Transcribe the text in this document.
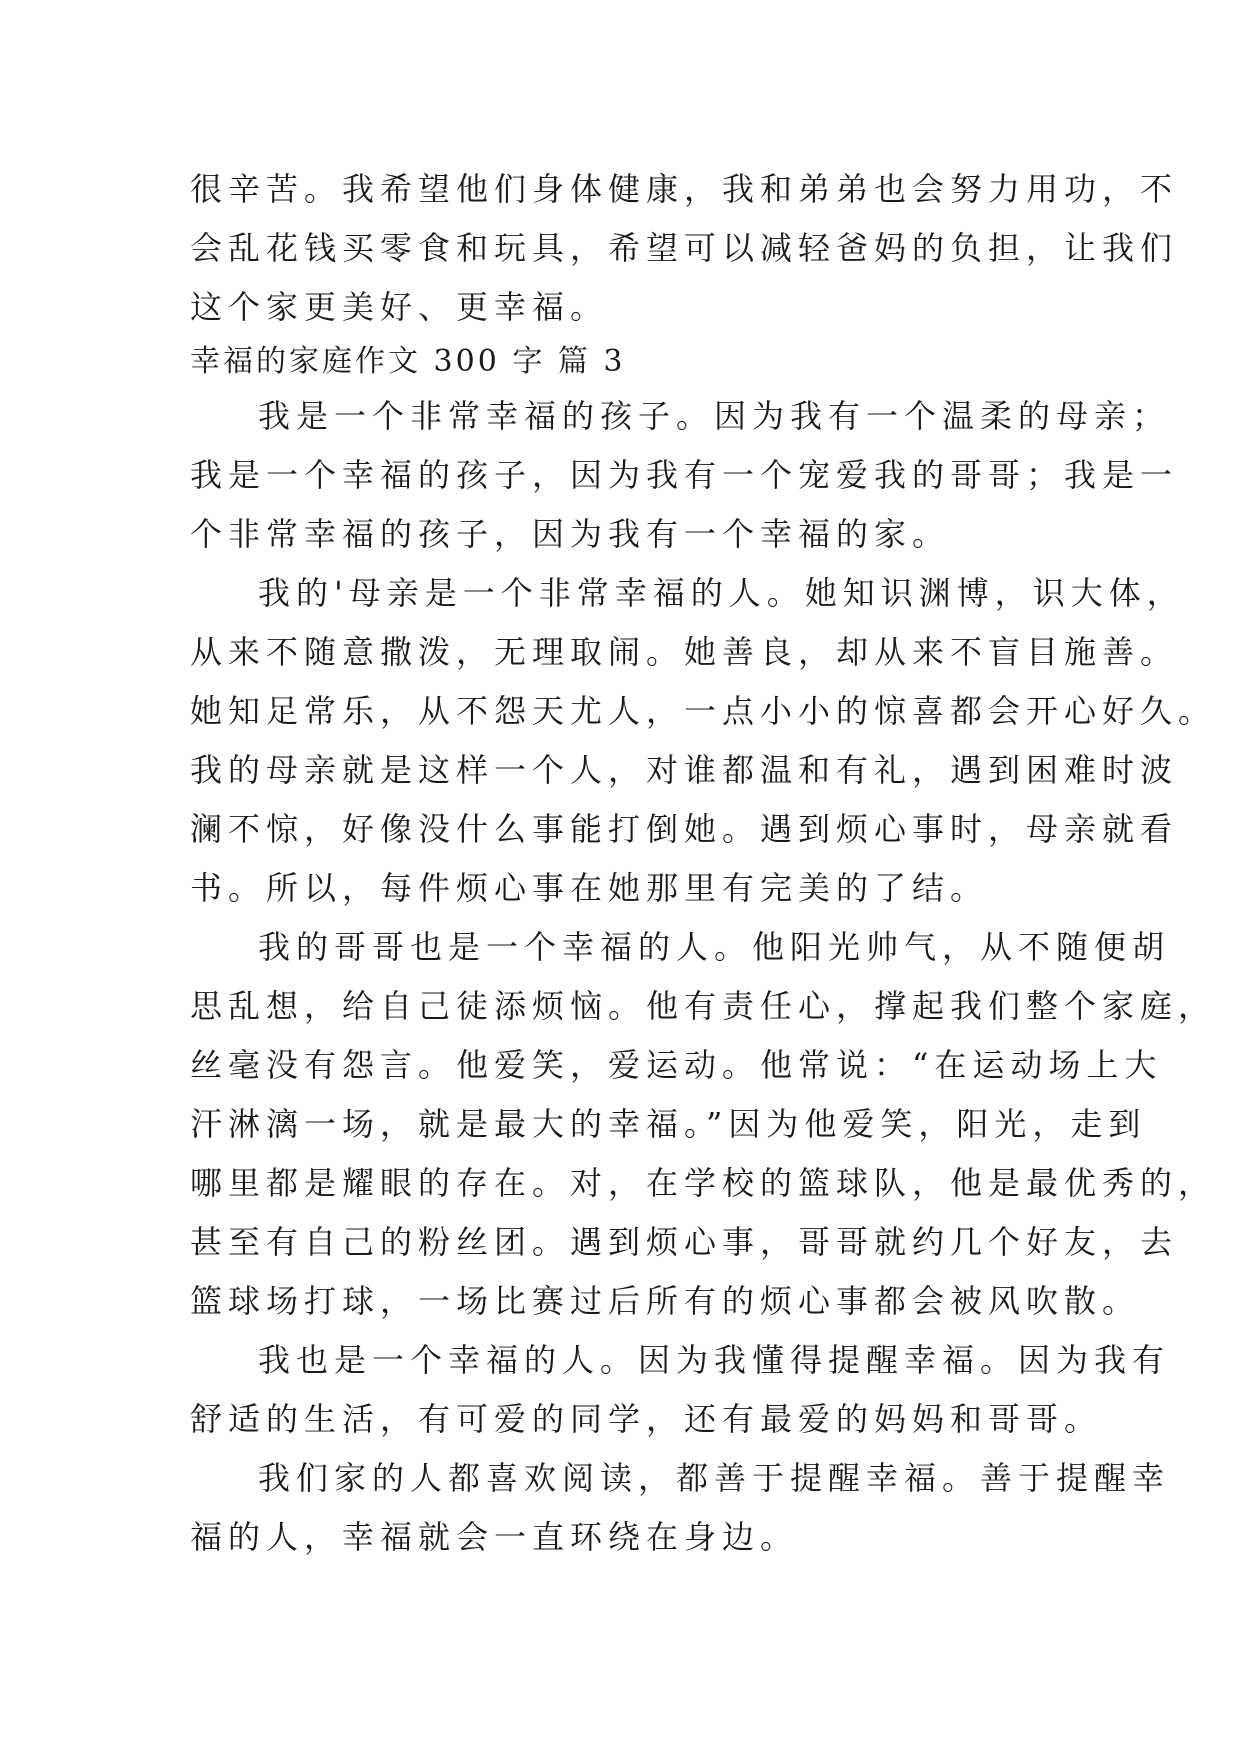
很辛苦。我希望他们身体健康，我和弟弟也会努力用功，不
会乱花钱买零食和玩具，希望可以减轻爸妈的负担，让我们
这个家更美好、更幸福。
幸福的家庭作文 300 字 篇 3
我是一个非常幸福的孩子。因为我有一个温柔的母亲；
我是一个幸福的孩子，因为我有一个宠爱我的哥哥；我是一
个非常幸福的孩子，因为我有一个幸福的家。
我的'母亲是一个非常幸福的人。她知识渊博，识大体，
从来不随意撒泼，无理取闹。她善良，却从来不盲目施善。
她知足常乐，从不怨天尤人，一点小小的惊喜都会开心好久。
我的母亲就是这样一个人，对谁都温和有礼，遇到困难时波
澜不惊，好像没什么事能打倒她。遇到烦心事时，母亲就看
书。所以，每件烦心事在她那里有完美的了结。
我的哥哥也是一个幸福的人。他阳光帅气，从不随便胡
思乱想，给自己徒添烦恼。他有责任心，撑起我们整个家庭，
丝毫没有怨言。他爱笑，爱运动。他常说：“在运动场上大
汗淋漓一场，就是最大的幸福。”因为他爱笑，阳光，走到
哪里都是耀眼的存在。对，在学校的篮球队，他是最优秀的，
甚至有自己的粉丝团。遇到烦心事，哥哥就约几个好友，去
篮球场打球，一场比赛过后所有的烦心事都会被风吹散。
我也是一个幸福的人。因为我懂得提醒幸福。因为我有
舒适的生活，有可爱的同学，还有最爱的妈妈和哥哥。
我们家的人都喜欢阅读，都善于提醒幸福。善于提醒幸
福的人，幸福就会一直环绕在身边。
